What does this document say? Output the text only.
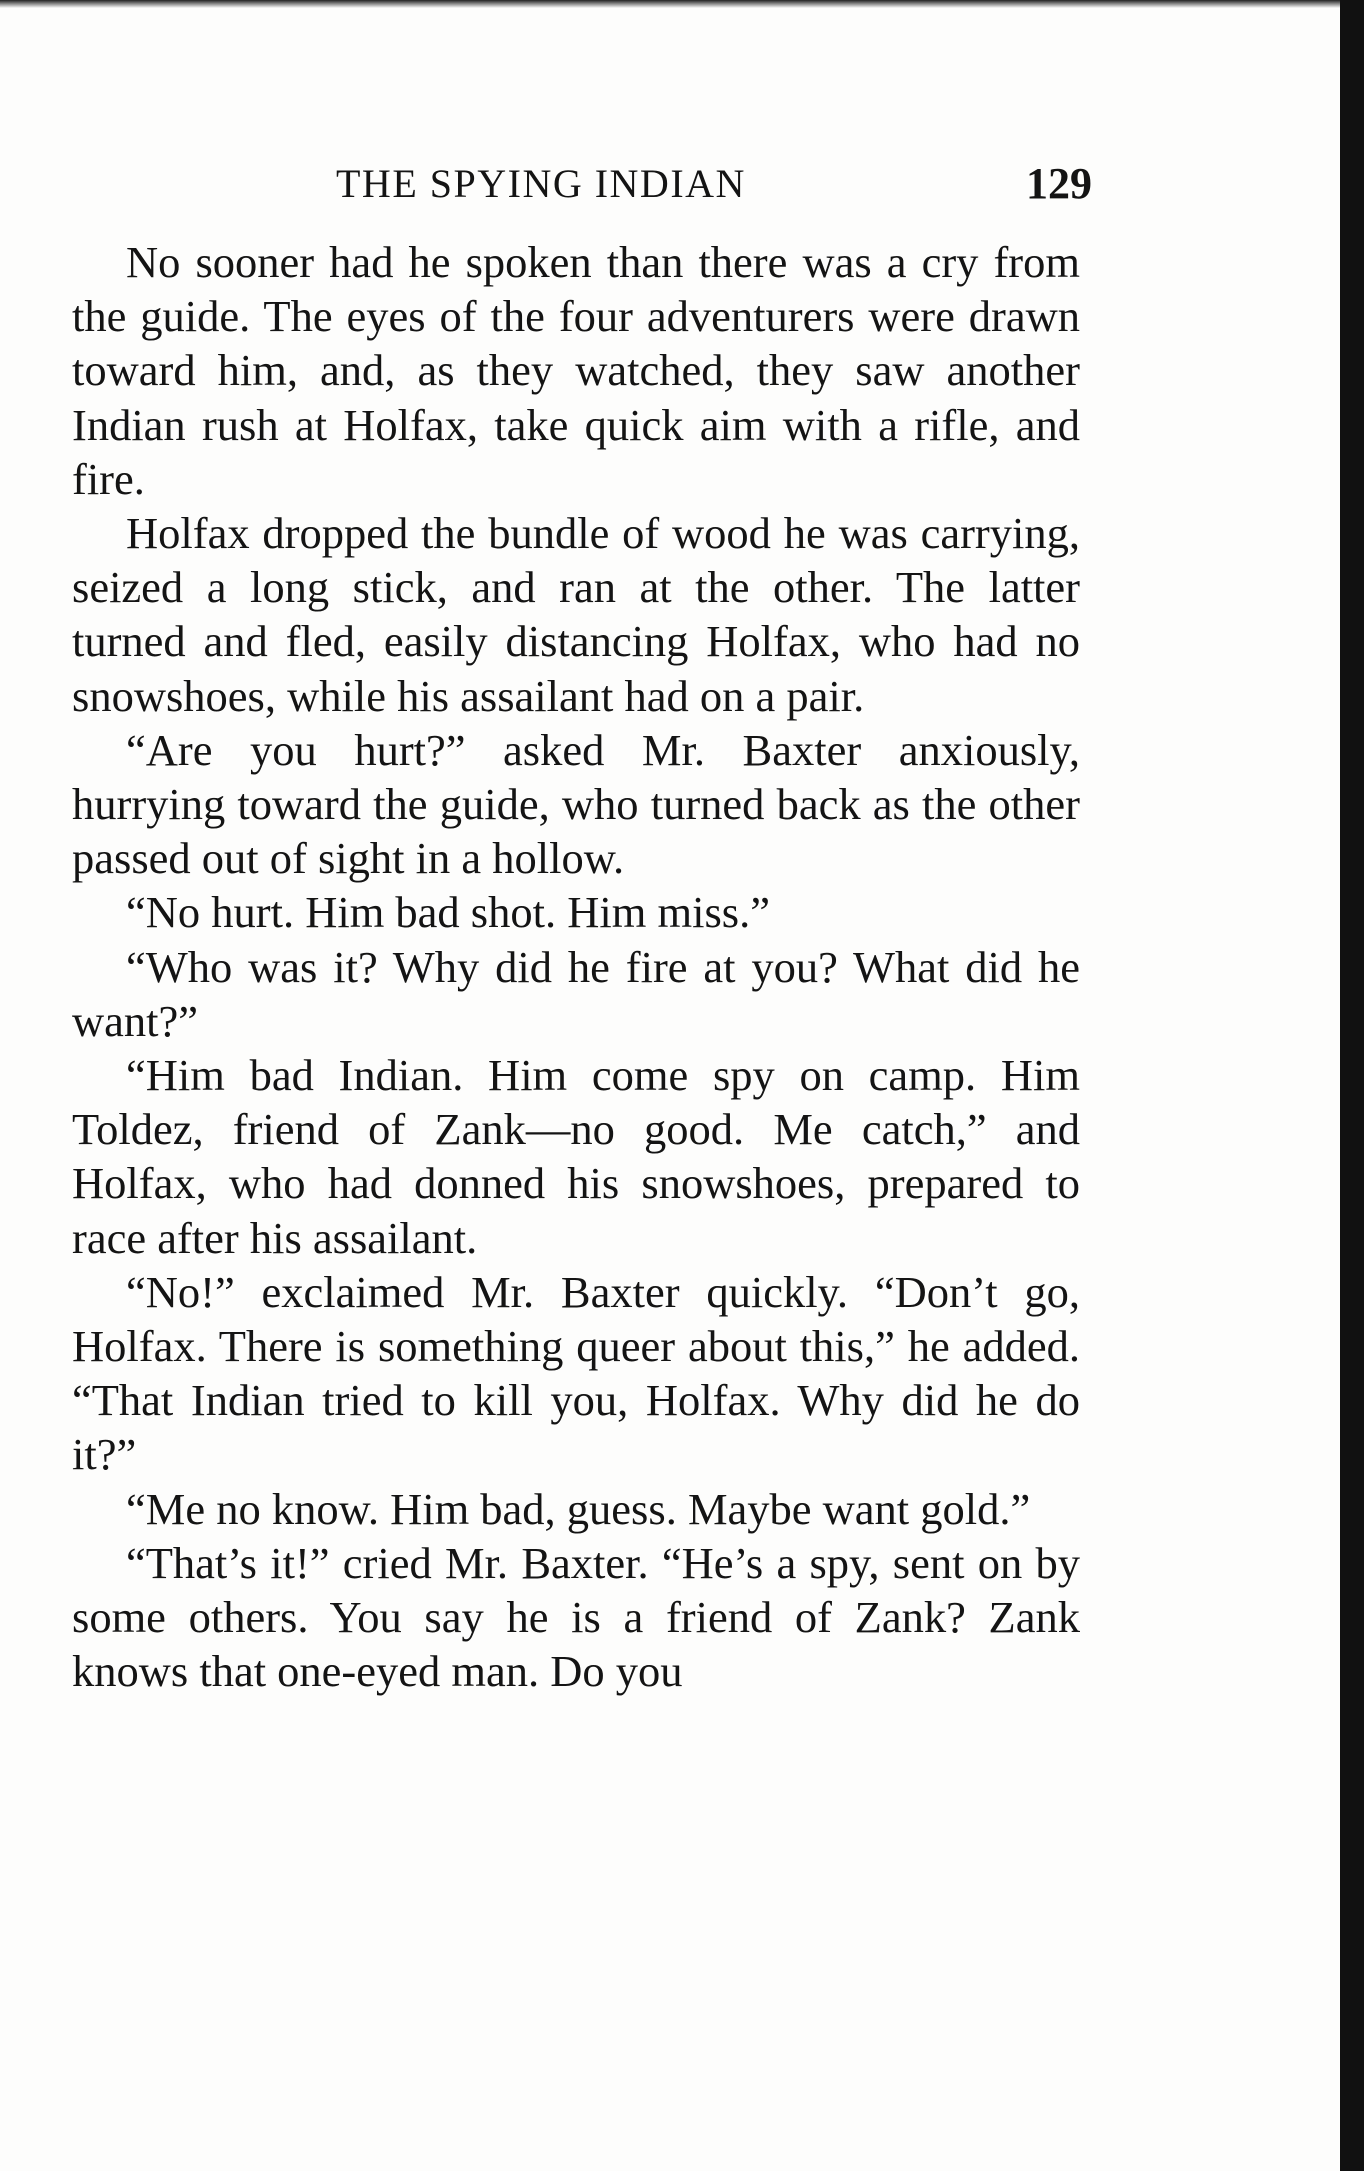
THE SPYING INDIAN	129

No sooner had he spoken than there was a cry from the guide. The eyes of the four adventurers were drawn toward him, and, as they watched, they saw another Indian rush at Holfax, take quick aim with a rifle, and fire.

Holfax dropped the bundle of wood he was carrying, seized a long stick, and ran at the other. The latter turned and fled, easily distancing Holfax, who had no snowshoes, while his assailant had on a pair.

“Are you hurt?” asked Mr. Baxter anxiously, hurrying toward the guide, who turned back as the other passed out of sight in a hollow.

“No hurt. Him bad shot. Him miss.”

“Who was it? Why did he fire at you? What did he want?”

“Him bad Indian. Him come spy on camp. Him Toldez, friend of Zank—no good. Me catch,” and Holfax, who had donned his snowshoes, prepared to race after his assailant.

“No!” exclaimed Mr. Baxter quickly. “Don’t go, Holfax. There is something queer about this,” he added. “That Indian tried to kill you, Holfax. Why did he do it?”

“Me no know. Him bad, guess. Maybe want gold.”

“That’s it!” cried Mr. Baxter. “He’s a spy, sent on by some others. You say he is a friend of Zank? Zank knows that one-eyed man. Do you
